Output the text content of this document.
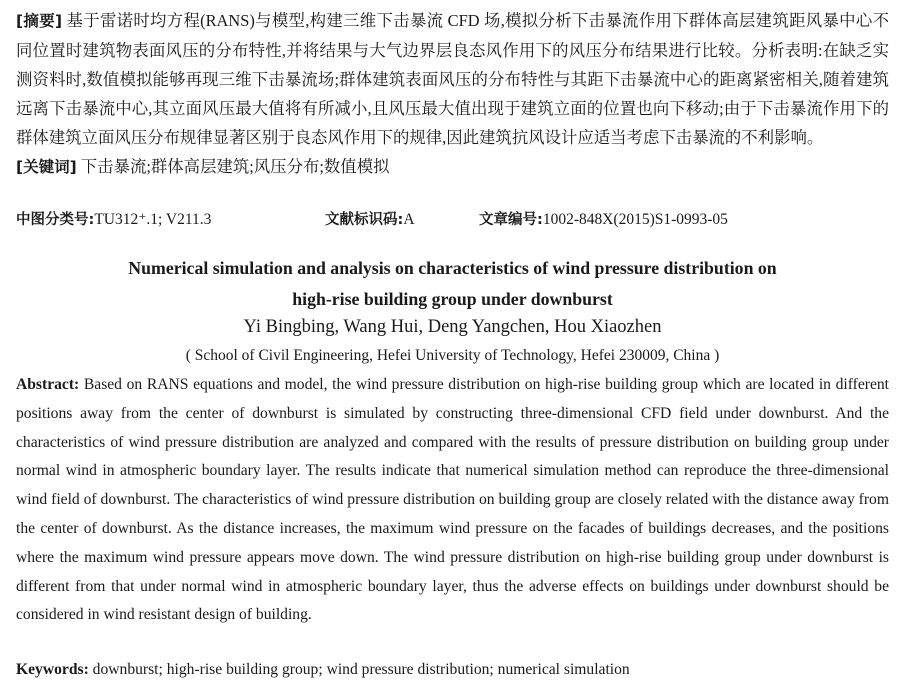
[摘要] 基于雷诺时均方程(RANS)与模型,构建三维下击暴流 CFD 场,模拟分析下击暴流作用下群体高层建筑距风暴中心不同位置时建筑物表面风压的分布特性,并将结果与大气边界层良态风作用下的风压分布结果进行比较。分析表明:在缺乏实测资料时,数值模拟能够再现三维下击暴流场;群体建筑表面风压的分布特性与其距下击暴流中心的距离紧密相关,随着建筑远离下击暴流中心,其立面风压最大值将有所减小,且风压最大值出现于建筑立面的位置也向下移动;由于下击暴流作用下的群体建筑立面风压分布规律显著区别于良态风作用下的规律,因此建筑抗风设计应适当考虑下击暴流的不利影响。

[关键词] 下击暴流;群体高层建筑;风压分布;数值模拟

中图分类号:TU312⁺.1; V211.3	文献标识码:A	文章编号:1002-848X(2015)S1-0993-05
Numerical simulation and analysis on characteristics of wind pressure distribution on
high-rise building group under downburst
Yi Bingbing, Wang Hui, Deng Yangchen, Hou Xiaozhen
( School of Civil Engineering, Hefei University of Technology, Hefei 230009, China )
Abstract: Based on RANS equations and model, the wind pressure distribution on high-rise building group which are located in different positions away from the center of downburst is simulated by constructing three-dimensional CFD field under downburst. And the characteristics of wind pressure distribution are analyzed and compared with the results of pressure distribution on building group under normal wind in atmospheric boundary layer. The results indicate that numerical simulation method can reproduce the three-dimensional wind field of downburst. The characteristics of wind pressure distribution on building group are closely related with the distance away from the center of downburst. As the distance increases, the maximum wind pressure on the facades of buildings decreases, and the positions where the maximum wind pressure appears move down. The wind pressure distribution on high-rise building group under downburst is different from that under normal wind in atmospheric boundary layer, thus the adverse effects on buildings under downburst should be considered in wind resistant design of building.
Keywords: downburst; high-rise building group; wind pressure distribution; numerical simulation
